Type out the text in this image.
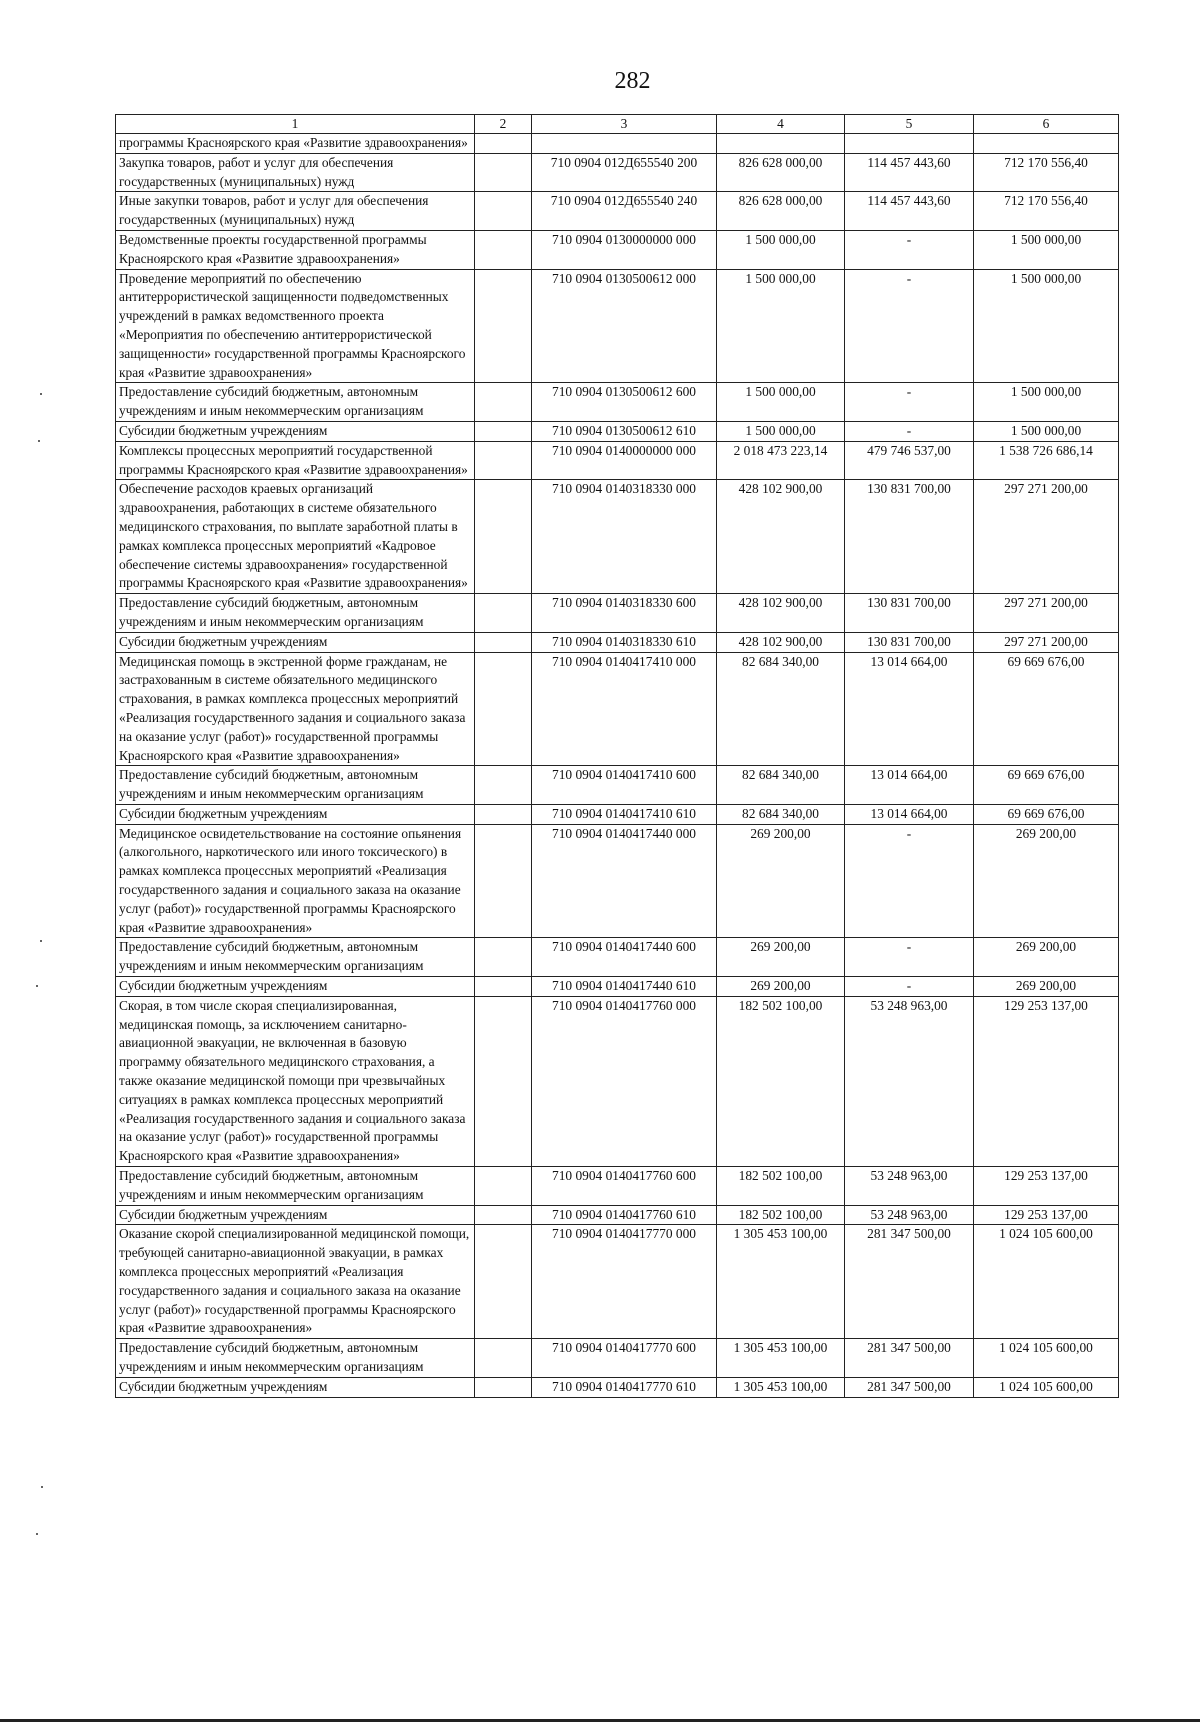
282
1	2	3	4	5	6
программы Красноярского края «Развитие здравоохранения»					
Закупка товаров, работ и услуг для обеспечения государственных (муниципальных) нужд		710 0904 012Д655540 200	826 628 000,00	114 457 443,60	712 170 556,40
Иные закупки товаров, работ и услуг для обеспечения государственных (муниципальных) нужд		710 0904 012Д655540 240	826 628 000,00	114 457 443,60	712 170 556,40
Ведомственные проекты государственной программы Красноярского края «Развитие здравоохранения»		710 0904 0130000000 000	1 500 000,00	-	1 500 000,00
Проведение мероприятий по обеспечению антитеррористической защищенности подведомственных учреждений в рамках ведомственного проекта «Мероприятия по обеспечению антитеррористической защищенности» государственной программы Красноярского края «Развитие здравоохранения»		710 0904 0130500612 000	1 500 000,00	-	1 500 000,00
Предоставление субсидий бюджетным, автономным учреждениям и иным некоммерческим организациям		710 0904 0130500612 600	1 500 000,00	-	1 500 000,00
Субсидии бюджетным учреждениям		710 0904 0130500612 610	1 500 000,00	-	1 500 000,00
Комплексы процессных мероприятий государственной программы Красноярского края «Развитие здравоохранения»		710 0904 0140000000 000	2 018 473 223,14	479 746 537,00	1 538 726 686,14
Обеспечение расходов краевых организаций здравоохранения, работающих в системе обязательного медицинского страхования, по выплате заработной платы в рамках комплекса процессных мероприятий «Кадровое обеспечение системы здравоохранения» государственной программы Красноярского края «Развитие здравоохранения»		710 0904 0140318330 000	428 102 900,00	130 831 700,00	297 271 200,00
Предоставление субсидий бюджетным, автономным учреждениям и иным некоммерческим организациям		710 0904 0140318330 600	428 102 900,00	130 831 700,00	297 271 200,00
Субсидии бюджетным учреждениям		710 0904 0140318330 610	428 102 900,00	130 831 700,00	297 271 200,00
Медицинская помощь в экстренной форме гражданам, не застрахованным в системе обязательного медицинского страхования, в рамках комплекса процессных мероприятий «Реализация государственного задания и социального заказа на оказание услуг (работ)» государственной программы Красноярского края «Развитие здравоохранения»		710 0904 0140417410 000	82 684 340,00	13 014 664,00	69 669 676,00
Предоставление субсидий бюджетным, автономным учреждениям и иным некоммерческим организациям		710 0904 0140417410 600	82 684 340,00	13 014 664,00	69 669 676,00
Субсидии бюджетным учреждениям		710 0904 0140417410 610	82 684 340,00	13 014 664,00	69 669 676,00
Медицинское освидетельствование на состояние опьянения (алкогольного, наркотического или иного токсического) в рамках комплекса процессных мероприятий «Реализация государственного задания и социального заказа на оказание услуг (работ)» государственной программы Красноярского края «Развитие здравоохранения»		710 0904 0140417440 000	269 200,00	-	269 200,00
Предоставление субсидий бюджетным, автономным учреждениям и иным некоммерческим организациям		710 0904 0140417440 600	269 200,00	-	269 200,00
Субсидии бюджетным учреждениям		710 0904 0140417440 610	269 200,00	-	269 200,00
Скорая, в том числе скорая специализированная, медицинская помощь, за исключением санитарно-авиационной эвакуации, не включенная в базовую программу обязательного медицинского страхования, а также оказание медицинской помощи при чрезвычайных ситуациях в рамках комплекса процессных мероприятий «Реализация государственного задания и социального заказа на оказание услуг (работ)» государственной программы Красноярского края «Развитие здравоохранения»		710 0904 0140417760 000	182 502 100,00	53 248 963,00	129 253 137,00
Предоставление субсидий бюджетным, автономным учреждениям и иным некоммерческим организациям		710 0904 0140417760 600	182 502 100,00	53 248 963,00	129 253 137,00
Субсидии бюджетным учреждениям		710 0904 0140417760 610	182 502 100,00	53 248 963,00	129 253 137,00
Оказание скорой специализированной медицинской помощи, требующей санитарно-авиационной эвакуации, в рамках комплекса процессных мероприятий «Реализация государственного задания и социального заказа на оказание услуг (работ)» государственной программы Красноярского края «Развитие здравоохранения»		710 0904 0140417770 000	1 305 453 100,00	281 347 500,00	1 024 105 600,00
Предоставление субсидий бюджетным, автономным учреждениям и иным некоммерческим организациям		710 0904 0140417770 600	1 305 453 100,00	281 347 500,00	1 024 105 600,00
Субсидии бюджетным учреждениям		710 0904 0140417770 610	1 305 453 100,00	281 347 500,00	1 024 105 600,00
